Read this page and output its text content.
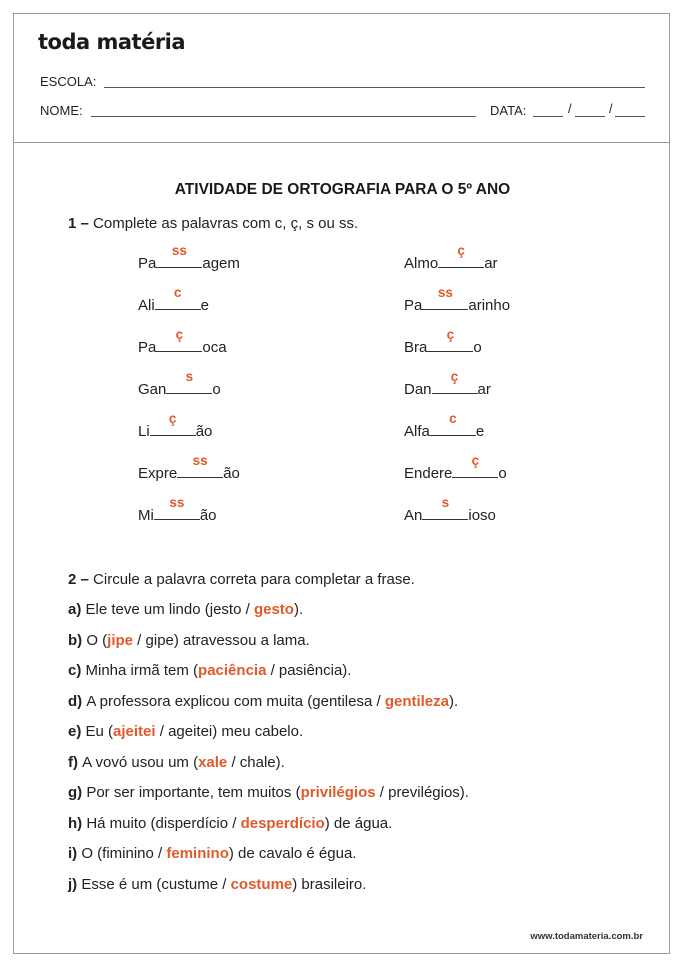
toda matéria
ESCOLA:
NOME:	DATA:	/	/
ATIVIDADE DE ORTOGRAFIA PARA O 5º ANO
1 – Complete as palavras com c, ç, s ou ss.
Pa
ss
agem
Ali
c
e
Pa
ç
oca
Gan
s
o
Li
ç
ão
Expre
ss
ão
Mi
ss
ão
Almo
ç
ar
Pa
ss
arinho
Bra
ç
o
Dan
ç
ar
Alfa
c
e
Endere
ç
o
An
s
ioso
2 – Circule a palavra correta para completar a frase.
a) Ele teve um lindo (jesto / gesto).
b) O (jipe / gipe) atravessou a lama.
c) Minha irmã tem (paciência / pasiência).
d) A professora explicou com muita (gentilesa / gentileza).
e) Eu (ajeitei / ageitei) meu cabelo.
f) A vovó usou um (xale / chale).
g) Por ser importante, tem muitos (privilégios / previlégios).
h) Há muito (disperdício / desperdício) de água.
i) O (fiminino / feminino) de cavalo é égua.
j) Esse é um (custume / costume) brasileiro.
www.todamateria.com.br
